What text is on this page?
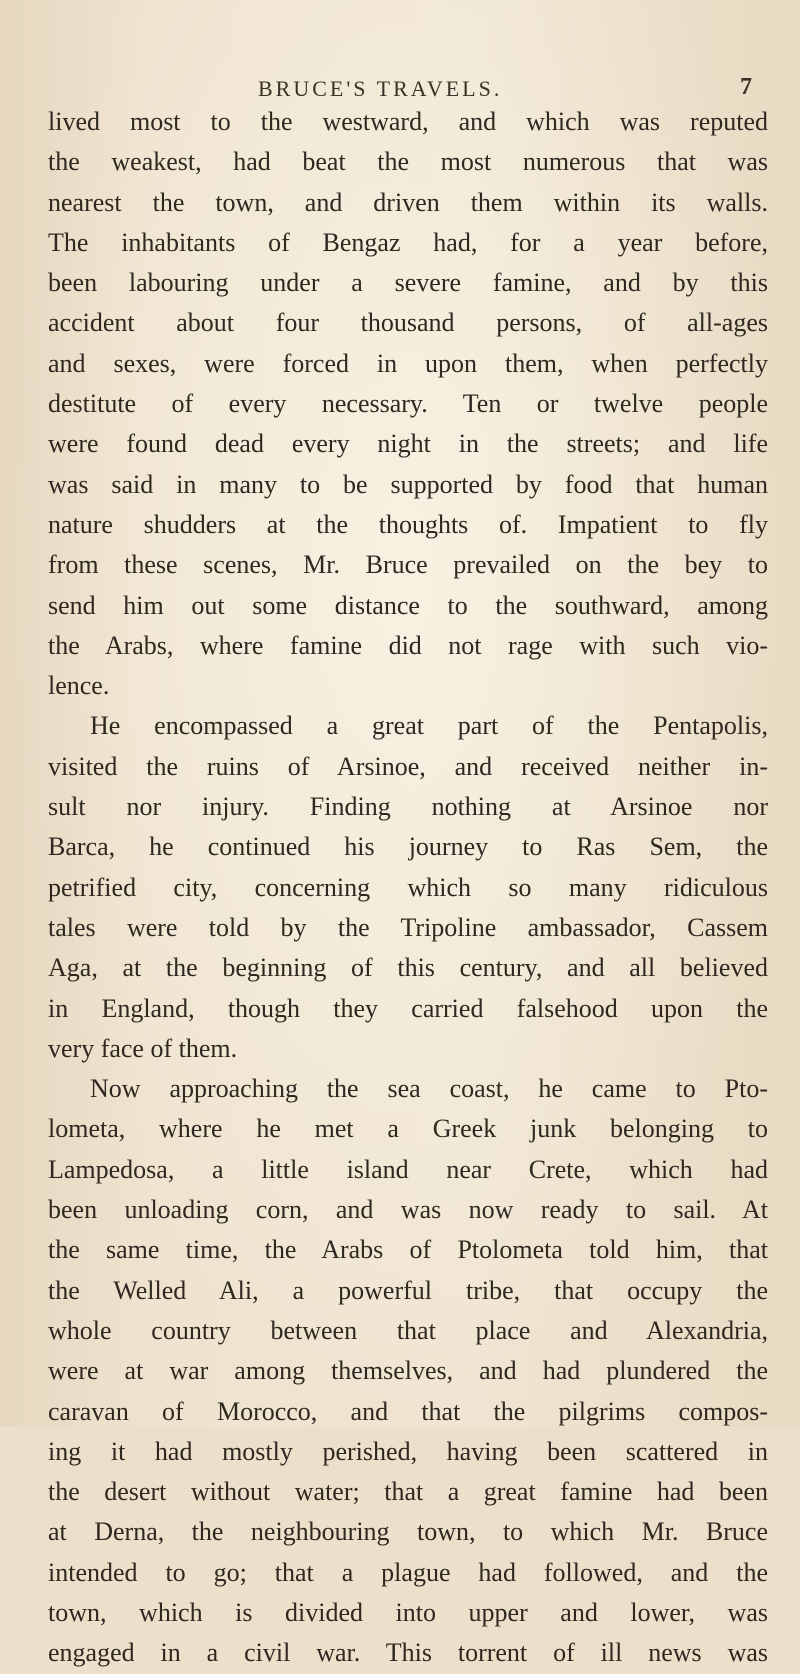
BRUCE'S TRAVELS.	7
lived most to the westward, and which was reputed
the weakest, had beat the most numerous that was
nearest the town, and driven them within its walls.
The inhabitants of Bengaz had, for a year before,
been labouring under a severe famine, and by this
accident about four thousand persons, of all-ages
and sexes, were forced in upon them, when perfectly
destitute of every necessary. Ten or twelve people
were found dead every night in the streets; and life
was said in many to be supported by food that human
nature shudders at the thoughts of. Impatient to fly
from these scenes, Mr. Bruce prevailed on the bey to
send him out some distance to the southward, among
the Arabs, where famine did not rage with such vio-
lence.
He encompassed a great part of the Pentapolis,
visited the ruins of Arsinoe, and received neither in-
sult nor injury. Finding nothing at Arsinoe nor
Barca, he continued his journey to Ras Sem, the
petrified city, concerning which so many ridiculous
tales were told by the Tripoline ambassador, Cassem
Aga, at the beginning of this century, and all believed
in England, though they carried falsehood upon the
very face of them.
Now approaching the sea coast, he came to Pto-
lometa, where he met a Greek junk belonging to
Lampedosa, a little island near Crete, which had
been unloading corn, and was now ready to sail. At
the same time, the Arabs of Ptolometa told him, that
the Welled Ali, a powerful tribe, that occupy the
whole country between that place and Alexandria,
were at war among themselves, and had plundered the
caravan of Morocco, and that the pilgrims compos-
ing it had mostly perished, having been scattered in
the desert without water; that a great famine had been
at Derna, the neighbouring town, to which Mr. Bruce
intended to go; that a plague had followed, and the
town, which is divided into upper and lower, was
engaged in a civil war. This torrent of ill news was
